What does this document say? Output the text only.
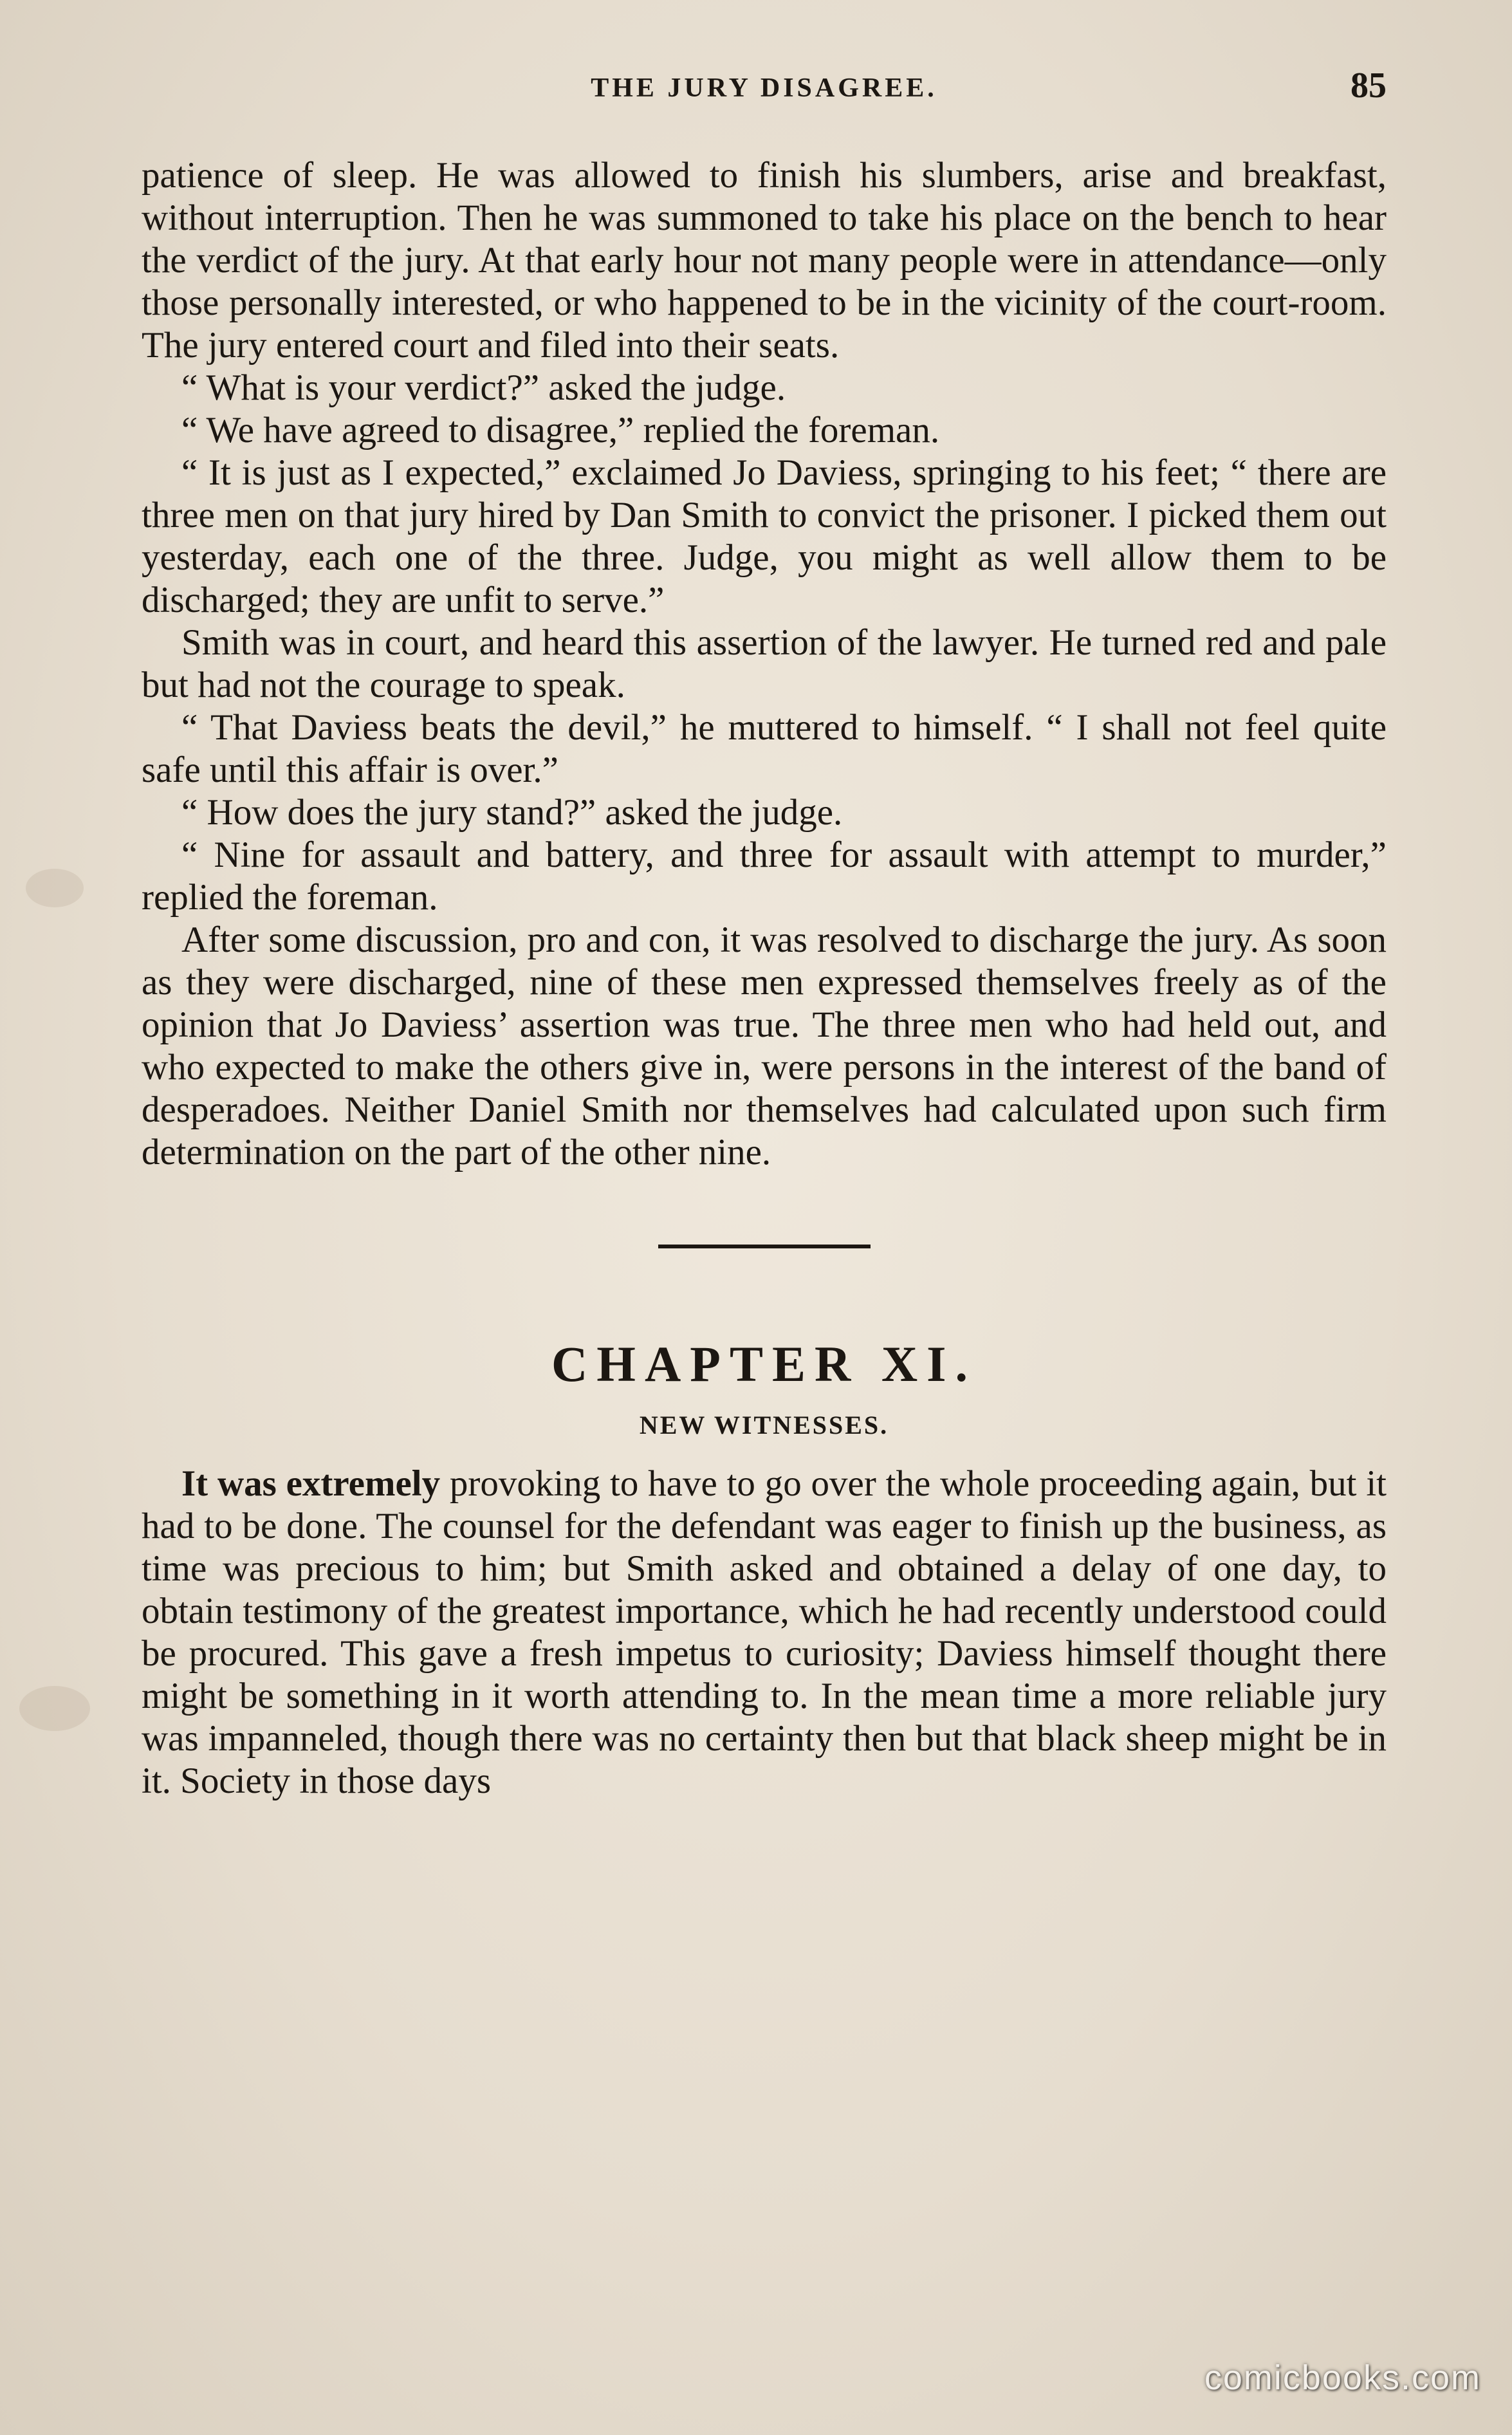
THE JURY DISAGREE.	85

patience of sleep. He was allowed to finish his slumbers, arise and breakfast, without interruption. Then he was summoned to take his place on the bench to hear the verdict of the jury. At that early hour not many people were in attendance—only those personally interested, or who happened to be in the vicinity of the court-room. The jury entered court and filed into their seats.

“ What is your verdict?” asked the judge.

“ We have agreed to disagree,” replied the foreman.

“ It is just as I expected,” exclaimed Jo Daviess, springing to his feet; “ there are three men on that jury hired by Dan Smith to convict the prisoner. I picked them out yesterday, each one of the three. Judge, you might as well allow them to be discharged; they are unfit to serve.”

Smith was in court, and heard this assertion of the lawyer. He turned red and pale but had not the courage to speak.

“ That Daviess beats the devil,” he muttered to himself. “ I shall not feel quite safe until this affair is over.”

“ How does the jury stand?” asked the judge.

“ Nine for assault and battery, and three for assault with attempt to murder,” replied the foreman.

After some discussion, pro and con, it was resolved to discharge the jury. As soon as they were discharged, nine of these men expressed themselves freely as of the opinion that Jo Daviess’ assertion was true. The three men who had held out, and who expected to make the others give in, were persons in the interest of the band of desperadoes. Neither Daniel Smith nor themselves had calculated upon such firm determination on the part of the other nine.

CHAPTER XI.
NEW WITNESSES.

It was extremely provoking to have to go over the whole proceeding again, but it had to be done. The counsel for the defendant was eager to finish up the business, as time was precious to him; but Smith asked and obtained a delay of one day, to obtain testimony of the greatest importance, which he had recently understood could be procured. This gave a fresh impetus to curiosity; Daviess himself thought there might be something in it worth attending to. In the mean time a more reliable jury was impanneled, though there was no certainty then but that black sheep might be in it. Society in those days

comicbooks.com
